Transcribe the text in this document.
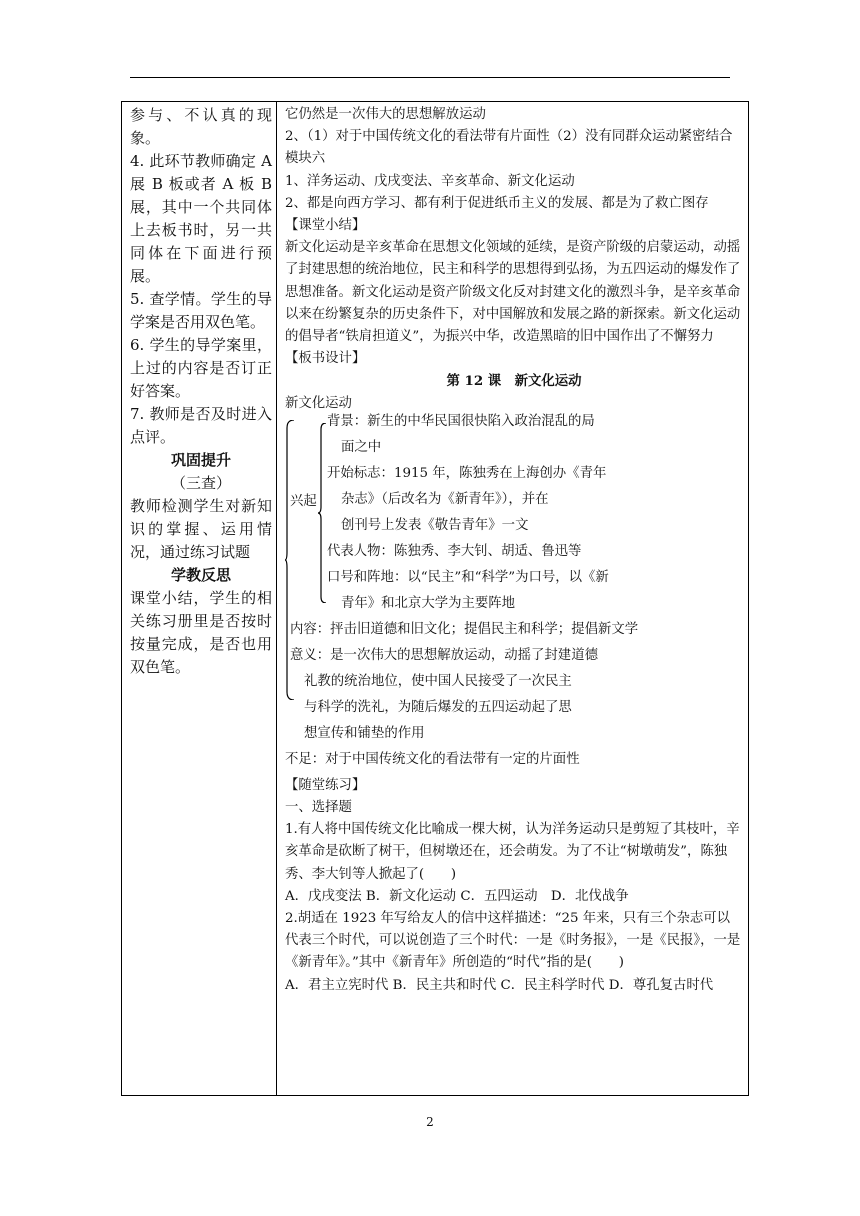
参与、不认真的现象。

4. 此环节教师确定 A 展 B 板或者 A 板 B 展，其中一个共同体上去板书时，另一共同体在下面进行预展。

5. 查学情。学生的导学案是否用双色笔。

6. 学生的导学案里，上过的内容是否订正好答案。

7. 教师是否及时进入点评。

巩固提升

（三查）

教师检测学生对新知识的掌握、运用情况，通过练习试题

学教反思

课堂小结，学生的相关练习册里是否按时按量完成，是否也用双色笔。

它仍然是一次伟大的思想解放运动

2、（1）对于中国传统文化的看法带有片面性（2）没有同群众运动紧密结合

模块六

1、洋务运动、戊戌变法、辛亥革命、新文化运动

2、都是向西方学习、都有利于促进纸币主义的发展、都是为了救亡图存

【课堂小结】

新文化运动是辛亥革命在思想文化领域的延续，是资产阶级的启蒙运动，动摇了封建思想的统治地位，民主和科学的思想得到弘扬，为五四运动的爆发作了思想准备。新文化运动是资产阶级文化反对封建文化的激烈斗争，是辛亥革命以来在纷繁复杂的历史条件下，对中国解放和发展之路的新探索。新文化运动的倡导者“铁肩担道义”，为振兴中华，改造黑暗的旧中国作出了不懈努力

【板书设计】

第 12 课　新文化运动

新文化运动

兴起
背景：新生的中华民国很快陷入政治混乱的局
面之中
开始标志：1915 年，陈独秀在上海创办《青年
杂志》（后改名为《新青年》），并在
创刊号上发表《敬告青年》一文
代表人物：陈独秀、李大钊、胡适、鲁迅等
口号和阵地：以“民主”和“科学”为口号，以《新
青年》和北京大学为主要阵地
内容：抨击旧道德和旧文化；提倡民主和科学；提倡新文学
意义：是一次伟大的思想解放运动，动摇了封建道德
礼教的统治地位，使中国人民接受了一次民主
与科学的洗礼，为随后爆发的五四运动起了思
想宣传和铺垫的作用
不足：对于中国传统文化的看法带有一定的片面性

【随堂练习】

一、选择题

1.有人将中国传统文化比喻成一棵大树，认为洋务运动只是剪短了其枝叶，辛亥革命是砍断了树干，但树墩还在，还会萌发。为了不让“树墩萌发”，陈独秀、李大钊等人掀起了(　　)

A．戊戌变法 B．新文化运动 C．五四运动　D．北伐战争

2.胡适在 1923 年写给友人的信中这样描述：“25 年来，只有三个杂志可以代表三个时代，可以说创造了三个时代：一是《时务报》，一是《民报》，一是《新青年》。”其中《新青年》所创造的“时代”指的是(　　)

A．君主立宪时代 B．民主共和时代 C．民主科学时代 D．尊孔复古时代

2
